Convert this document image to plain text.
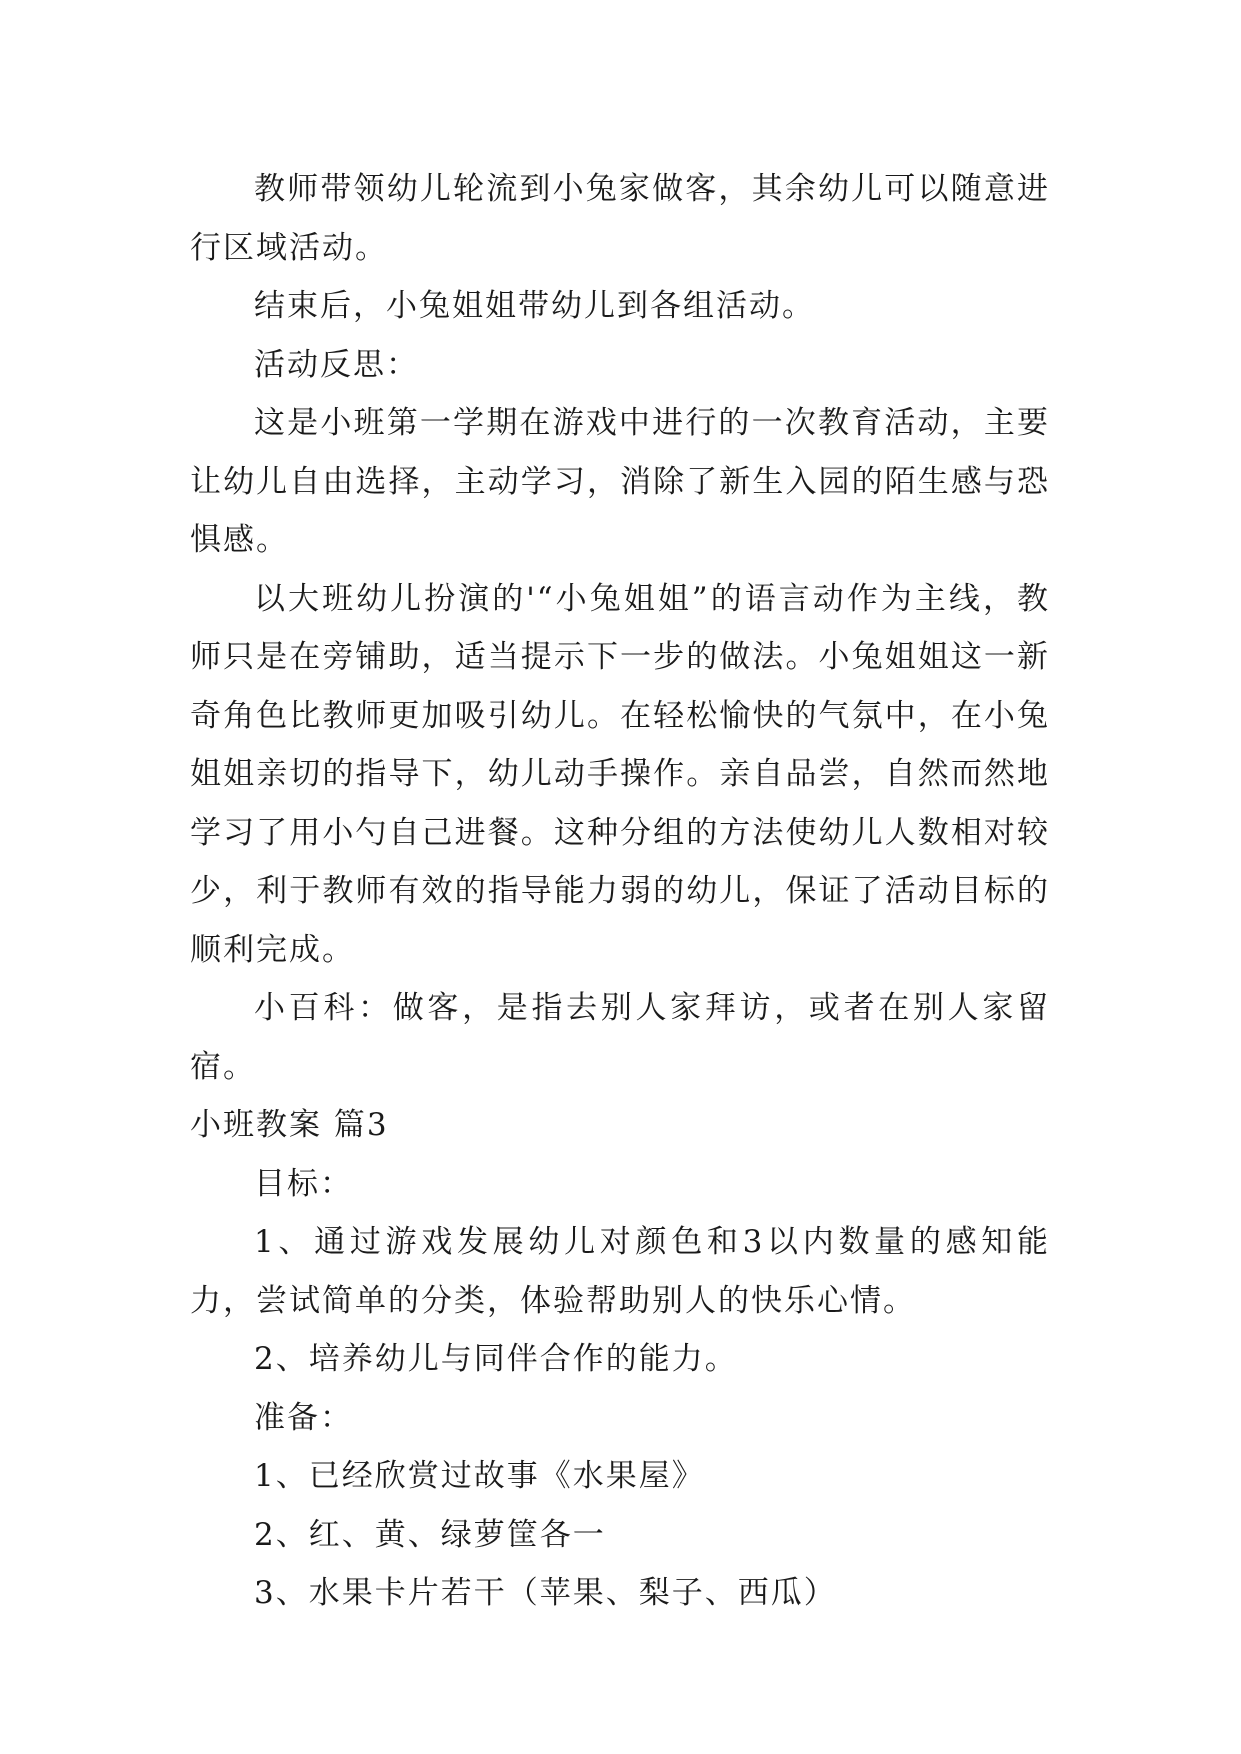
教师带领幼儿轮流到小兔家做客，其余幼儿可以随意进行区域活动。

结束后，小兔姐姐带幼儿到各组活动。

活动反思：

这是小班第一学期在游戏中进行的一次教育活动，主要让幼儿自由选择，主动学习，消除了新生入园的陌生感与恐惧感。

以大班幼儿扮演的'“小兔姐姐”的语言动作为主线，教师只是在旁铺助，适当提示下一步的做法。小兔姐姐这一新奇角色比教师更加吸引幼儿。在轻松愉快的气氛中，在小兔姐姐亲切的指导下，幼儿动手操作。亲自品尝，自然而然地学习了用小勺自己进餐。这种分组的方法使幼儿人数相对较少，利于教师有效的指导能力弱的幼儿，保证了活动目标的顺利完成。

小百科：做客，是指去别人家拜访，或者在别人家留宿。

小班教案 篇3

目标：

1、通过游戏发展幼儿对颜色和3以内数量的感知能力，尝试简单的分类，体验帮助别人的快乐心情。

2、培养幼儿与同伴合作的能力。

准备：

1、已经欣赏过故事《水果屋》

2、红、黄、绿萝筐各一

3、水果卡片若干（苹果、梨子、西瓜）
